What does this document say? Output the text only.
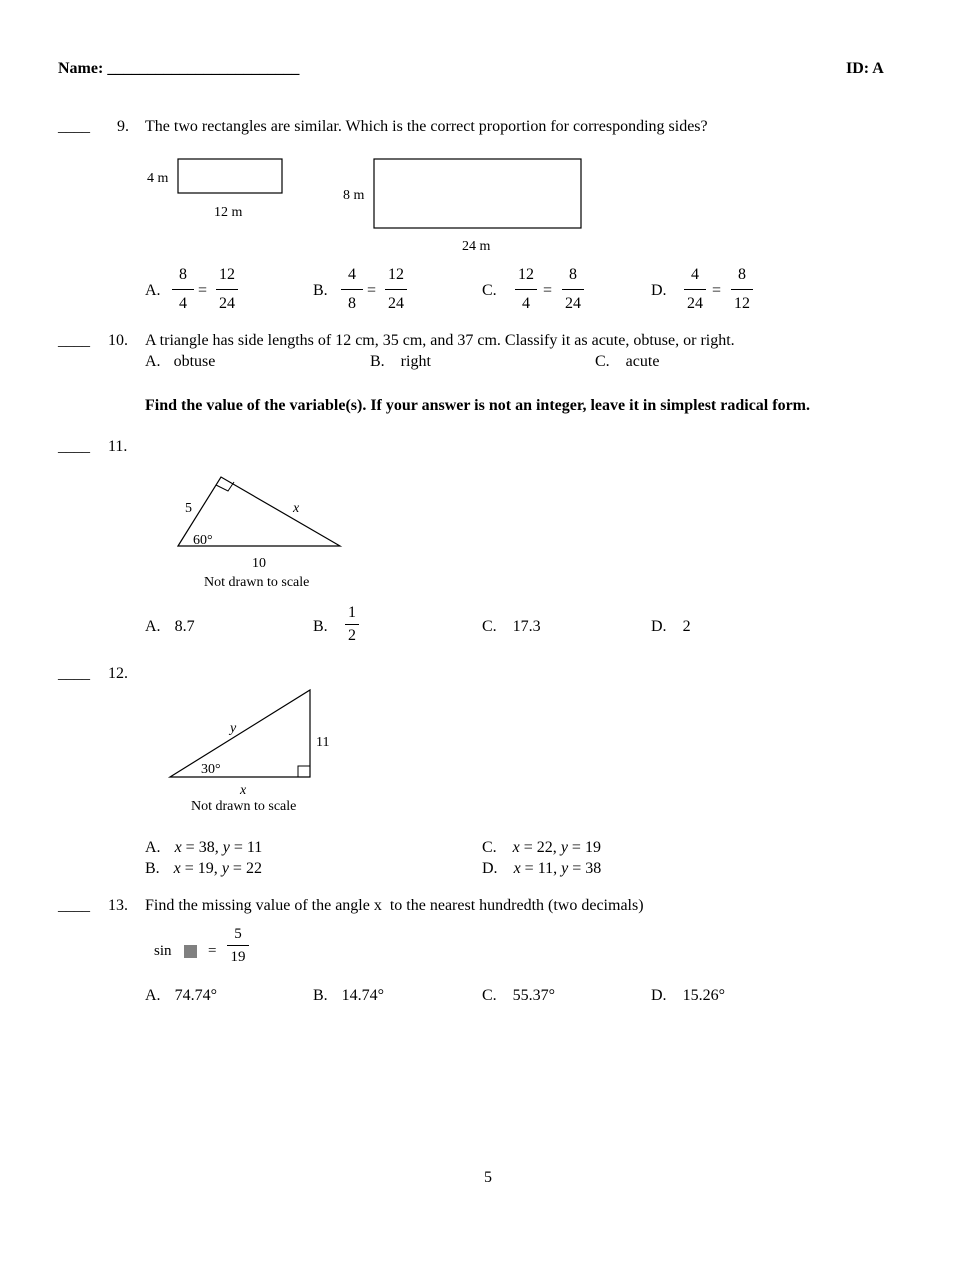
Name: ________________________	ID: A
____ 9. The two rectangles are similar. Which is the correct proportion for corresponding sides?
4 m
12 m
8 m
24 m
A.
8
4
=
12
24
B.
4
8
=
12
24
C.
12
4
=
8
24
D.
4
24
=
8
12
____ 10. A triangle has side lengths of 12 cm, 35 cm, and 37 cm. Classify it as acute, obtuse, or right.
A. obtuse	B. right	C. acute
Find the value of the variable(s). If your answer is not an integer, leave it in simplest radical form.
____ 11.
5	x
60°
10
Not drawn to scale
A. 8.7	B.
1
2
C. 17.3	D. 2
____ 12.
y
11
30°
x
Not drawn to scale
A. x = 38, y = 11
B. x = 19, y = 22
C. x = 22, y = 19
D. x = 11, y = 38
____ 13. Find the missing value of the angle x  to the nearest hundredth (two decimals)
sin =
5
19
A. 74.74°	B. 14.74°	C. 55.37°	D. 15.26°
5
